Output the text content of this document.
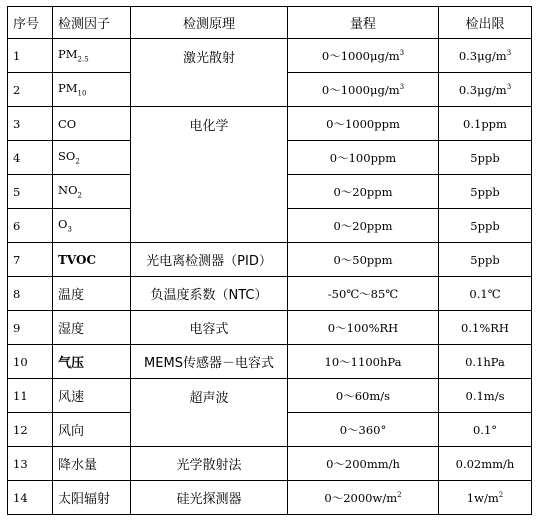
序号	检测因子	检测原理	量程	检出限
1	$PM_{2.5}$	激光散射	$0\sim 1000\mu g/m^3$	$0.3\mu g/m^3$
2	$PM_{10}$		$0\sim 1000\mu g/m^3$	$0.3\mu g/m^3$
3	CO	电化学	0～1000ppm	0.1ppm
4	$SO_2$		0～100ppm	5ppb
5	$NO_2$		0～20ppm	5ppb
6	$O_3$		0～20ppm	5ppb
7	TVOC	光电离检测器（PID）	0～50ppm	5ppb
8	温度	负温度系数（NTC）	-50℃～85℃	0.1℃
9	湿度	电容式	0～100%RH	0.1%RH
10	气压	MEMS传感器－电容式	10～1100hPa	0.1hPa
11	风速	超声波	0～60m/s	0.1m/s
12	风向		0～360°	0.1°
13	降水量	光学散射法	0～200mm/h	0.02mm/h
14	太阳辐射	硅光探测器	$0\sim 2000w/m^2$	$1w/m^2$
